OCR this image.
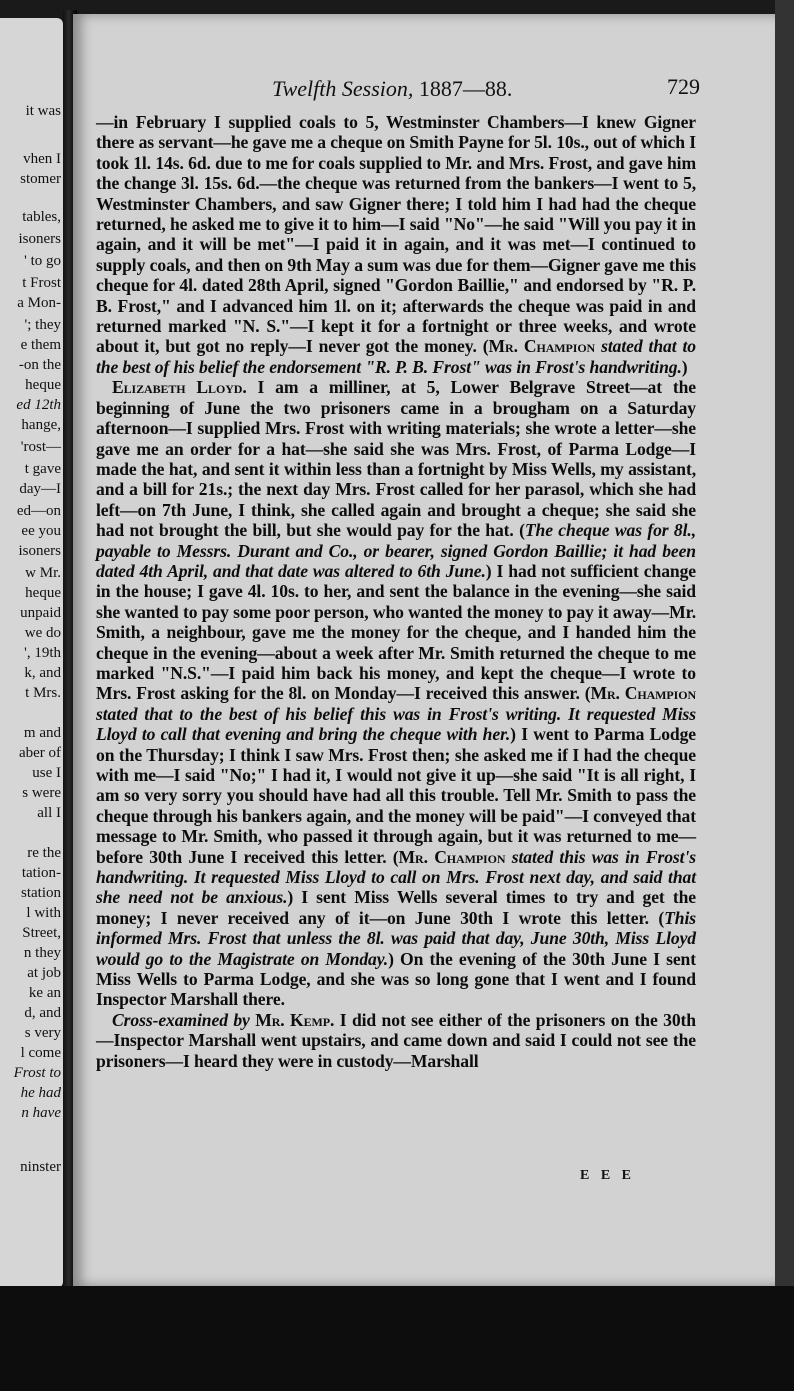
it was
vhen I
stomer
tables,
isoners
' to go
t Frost
a Mon-
'; they
e them
-on the
heque
ed 12th
hange,
'rost—
t gave
day—I
ed—on
ee you
isoners
w Mr.
heque
unpaid
we do
', 19th
k, and
t Mrs.
m and
aber of
use I
s were
all I
re the
tation-
station
l with
Street,
n they
at job
ke an
d, and
s very
l come
Frost to
he had
n have
ninster
Twelfth Session, 1887—88.	729

—in February I supplied coals to 5, Westminster Chambers—I knew Gigner there as servant—he gave me a cheque on Smith Payne for 5l. 10s., out of which I took 1l. 14s. 6d. due to me for coals supplied to Mr. and Mrs. Frost, and gave him the change 3l. 15s. 6d.—the cheque was returned from the bankers—I went to 5, Westminster Chambers, and saw Gigner there; I told him I had had the cheque returned, he asked me to give it to him—I said "No"—he said "Will you pay it in again, and it will be met"—I paid it in again, and it was met—I continued to supply coals, and then on 9th May a sum was due for them—Gigner gave me this cheque for 4l. dated 28th April, signed "Gordon Baillie," and endorsed by "R. P. B. Frost," and I advanced him 1l. on it; afterwards the cheque was paid in and returned marked "N. S."—I kept it for a fortnight or three weeks, and wrote about it, but got no reply—I never got the money. (Mr. Champion stated that to the best of his belief the endorsement "R. P. B. Frost" was in Frost's handwriting.)

Elizabeth Lloyd. I am a milliner, at 5, Lower Belgrave Street—at the beginning of June the two prisoners came in a brougham on a Saturday afternoon—I supplied Mrs. Frost with writing materials; she wrote a letter—she gave me an order for a hat—she said she was Mrs. Frost, of Parma Lodge—I made the hat, and sent it within less than a fortnight by Miss Wells, my assistant, and a bill for 21s.; the next day Mrs. Frost called for her parasol, which she had left—on 7th June, I think, she called again and brought a cheque; she said she had not brought the bill, but she would pay for the hat. (The cheque was for 8l., payable to Messrs. Durant and Co., or bearer, signed Gordon Baillie; it had been dated 4th April, and that date was altered to 6th June.) I had not sufficient change in the house; I gave 4l. 10s. to her, and sent the balance in the evening—she said she wanted to pay some poor person, who wanted the money to pay it away—Mr. Smith, a neighbour, gave me the money for the cheque, and I handed him the cheque in the evening—about a week after Mr. Smith returned the cheque to me marked "N.S."—I paid him back his money, and kept the cheque—I wrote to Mrs. Frost asking for the 8l. on Monday—I received this answer. (Mr. Champion stated that to the best of his belief this was in Frost's writing. It requested Miss Lloyd to call that evening and bring the cheque with her.) I went to Parma Lodge on the Thursday; I think I saw Mrs. Frost then; she asked me if I had the cheque with me—I said "No;" I had it, I would not give it up—she said "It is all right, I am so very sorry you should have had all this trouble. Tell Mr. Smith to pass the cheque through his bankers again, and the money will be paid"—I conveyed that message to Mr. Smith, who passed it through again, but it was returned to me—before 30th June I received this letter. (Mr. Champion stated this was in Frost's handwriting. It requested Miss Lloyd to call on Mrs. Frost next day, and said that she need not be anxious.) I sent Miss Wells several times to try and get the money; I never received any of it—on June 30th I wrote this letter. (This informed Mrs. Frost that unless the 8l. was paid that day, June 30th, Miss Lloyd would go to the Magistrate on Monday.) On the evening of the 30th June I sent Miss Wells to Parma Lodge, and she was so long gone that I went and I found Inspector Marshall there.

Cross-examined by Mr. Kemp. I did not see either of the prisoners on the 30th—Inspector Marshall went upstairs, and came down and said I could not see the prisoners—I heard they were in custody—Marshall

E E E
